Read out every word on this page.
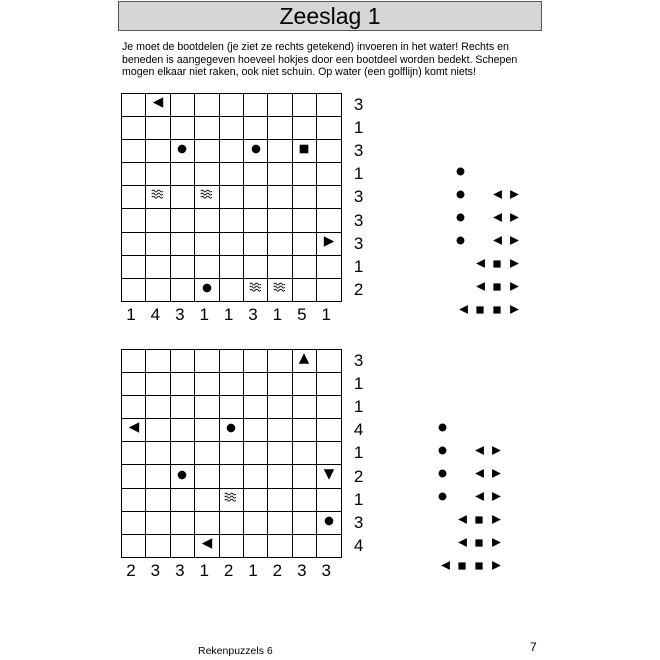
Zeeslag 1
Je moet de bootdelen (je ziet ze rechts getekend) invoeren in het water! Rechts en
beneden is aangegeven hoeveel hokjes door een bootdeel worden bedekt. Schepen
mogen elkaar niet raken, ook niet schuin. Op water (een golflijn) komt niets!
3
1
3
1
3
3
3
1
2
1 4 3 1 1 3 1 5 1
3
1
1
4
1
2
1
3
4
2 3 3 1 2 1 2 3 3
Rekenpuzzels 6	7
